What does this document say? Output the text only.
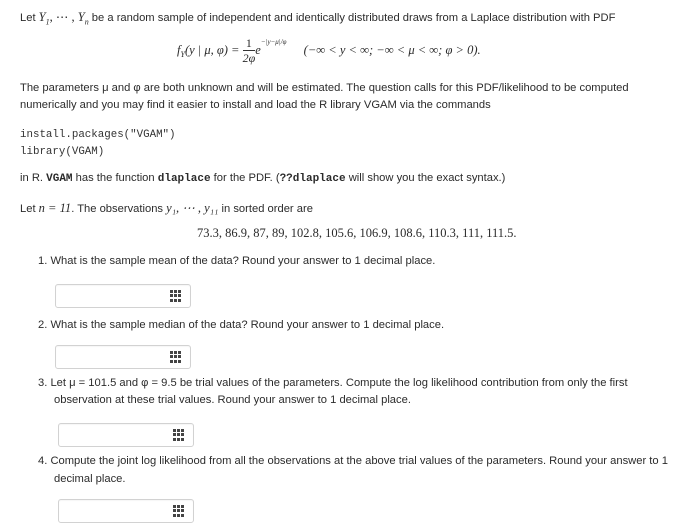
Let $Y_1$, ⋯ , $Y_n$ be a random sample of independent and identically distributed draws from a Laplace distribution with PDF
$f_Y(y$ | μ, $\varphi) = \frac{1}{2\varphi} e^{-|y-\mu|/\varphi}$ (−∞ < y < ∞; −∞ < μ < ∞; φ > 0).
The parameters μ and φ are both unknown and will be estimated. The question calls for this PDF/likelihood to be computed numerically and you may find it easier to install and load the R library VGAM via the commands
install.packages("VGAM")
library(VGAM)
in R. VGAM has the function dlaplace for the PDF. (??dlaplace will show you the exact syntax.)
Let n = 11. The observations y₁, ⋯ , y₁₁ in sorted order are
73.3, 86.9, 87, 89, 102.8, 105.6, 106.9, 108.6, 110.3, 111, 111.5.
1. What is the sample mean of the data? Round your answer to 1 decimal place.
2. What is the sample median of the data? Round your answer to 1 decimal place.
3. Let μ = 101.5 and φ = 9.5 be trial values of the parameters. Compute the log likelihood contribution from only the first
observation at these trial values. Round your answer to 1 decimal place.
4. Compute the joint log likelihood from all the observations at the above trial values of the parameters. Round your answer to 1
decimal place.
